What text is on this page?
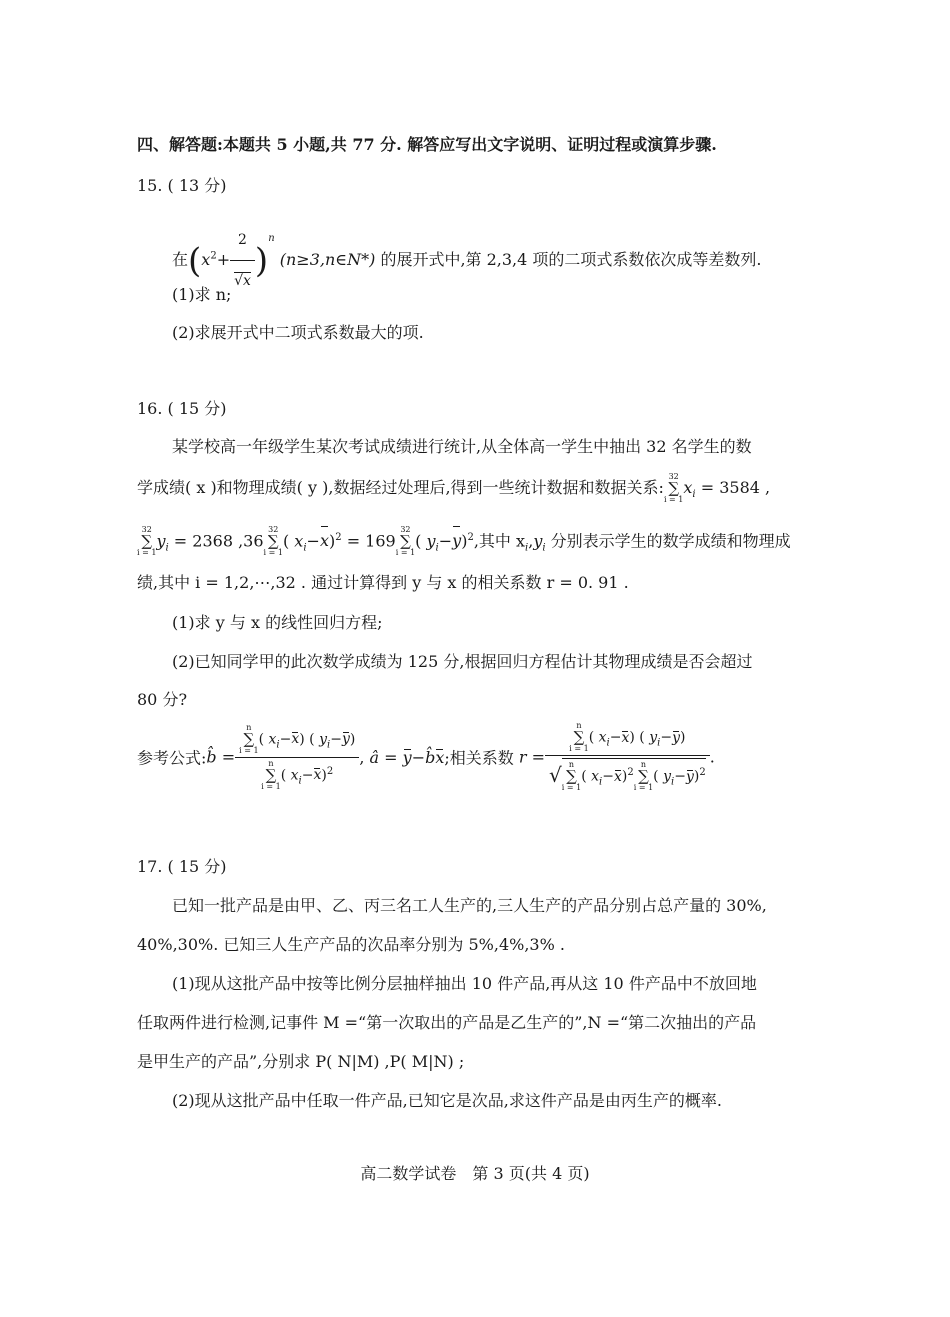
四、解答题:本题共 5 小题,共 77 分. 解答应写出文字说明、证明过程或演算步骤.
15. ( 13 分)
在$(x^2+ \frac{2}{√x} )^n$ (n≥3,n∈N*) 的展开式中,第 2,3,4 项的二项式系数依次成等差数列.
(1)求 n;
(2)求展开式中二项式系数最大的项.
16. ( 15 分)
某学校高一年级学生某次考试成绩进行统计,从全体高一学生中抽出 32 名学生的数
学成绩( x )和物理成绩( y ),数据经过处理后,得到一些统计数据和数据关系:
32
∑
i = 1
$x_i = 3584$ ,
32
∑
i = 1
$y_i = 2368$ ,36
32
∑
i = 1
( $x_i-x)^2 = 169$
32
∑
i = 1
( $y_i-y)^2$,其中 $x_i,y_i$ 分别表示学生的数学成绩和物理成
绩,其中 i = 1,2,⋯,32 . 通过计算得到 y 与 x 的相关系数 r = 0. 91 .
(1)求 y 与 x 的线性回归方程;
(2)已知同学甲的此次数学成绩为 125 分,根据回归方程估计其物理成绩是否会超过
80 分?
参考公式:b̂ = n
∑
i = 1
( $x_i-x$) ( $y_i-y$)
n
∑
i = 1
( $x_i-x)^2$ , â = y−b̂x;相关系数 r = n
∑
i = 1
( $x_i-x$) ( $y_i-y$)
√ n
∑
i = 1
( $x_i-x)^2$
n
∑
i = 1
( $y_i-y)^2$ .
17. ( 15 分)
已知一批产品是由甲、乙、丙三名工人生产的,三人生产的产品分别占总产量的 30%,
40%,30%. 已知三人生产产品的次品率分别为 5%,4%,3% .
(1)现从这批产品中按等比例分层抽样抽出 10 件产品,再从这 10 件产品中不放回地
任取两件进行检测,记事件 M =“第一次取出的产品是乙生产的”,N =“第二次抽出的产品
是甲生产的产品”,分别求 P( N|M) ,P( M|N) ;
(2)现从这批产品中任取一件产品,已知它是次品,求这件产品是由丙生产的概率.
高二数学试卷　第 3 页(共 4 页)
